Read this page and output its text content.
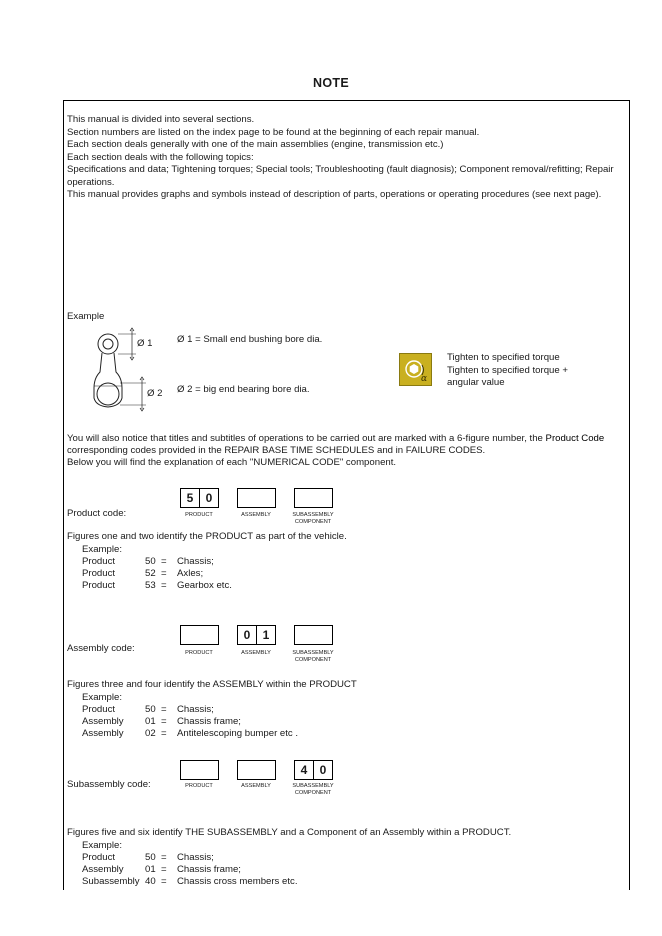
NOTE

This manual is divided into several sections.

Section numbers are listed on the index page to be found at the beginning of each repair manual.

Each section deals generally with one of the main assemblies (engine, transmission etc.)

Each section deals with the following topics:

Specifications and data; Tightening torques; Special tools; Troubleshooting (fault diagnosis); Component removal/refitting; Repair

operations.

This manual provides graphs and symbols instead of description of parts, operations or operating procedures (see next page).

Example
Ø 1
Ø 2
Ø 1 = Small end bushing bore dia.
Ø 2 = big end bearing bore dia.
α
Tighten to specified torque
Tighten to specified torque +
angular value
You will also notice that titles and subtitles of operations to be carried out are marked with a 6-figure number, the Product Code
corresponding codes provided in the REPAIR BASE TIME SCHEDULES and in FAILURE CODES.
Below you will find the explanation of each "NUMERICAL CODE" component.
Product code:
5	0
PRODUCT	ASSEMBLY	SUBASSEMBLY
COMPONENT
Figures one and two identify the PRODUCT as part of the vehicle.
Example:
Product	50 = Chassis;
Product	52 = Axles;
Product	53 = Gearbox etc.
Assembly code:
0	1
PRODUCT	ASSEMBLY	SUBASSEMBLY
COMPONENT
Figures three and four identify the ASSEMBLY within the PRODUCT
Example:
Product	50 = Chassis;
Assembly 01 = Chassis frame;
Assembly 02 = Antitelescoping bumper etc .
Subassembly code:
4	0
PRODUCT	ASSEMBLY	SUBASSEMBLY
COMPONENT
Figures five and six identify THE SUBASSEMBLY and a Component of an Assembly within a PRODUCT.
Example:
Product	50 = Chassis;
Assembly 01 = Chassis frame;
Subassembly 40 = Chassis cross members etc.
